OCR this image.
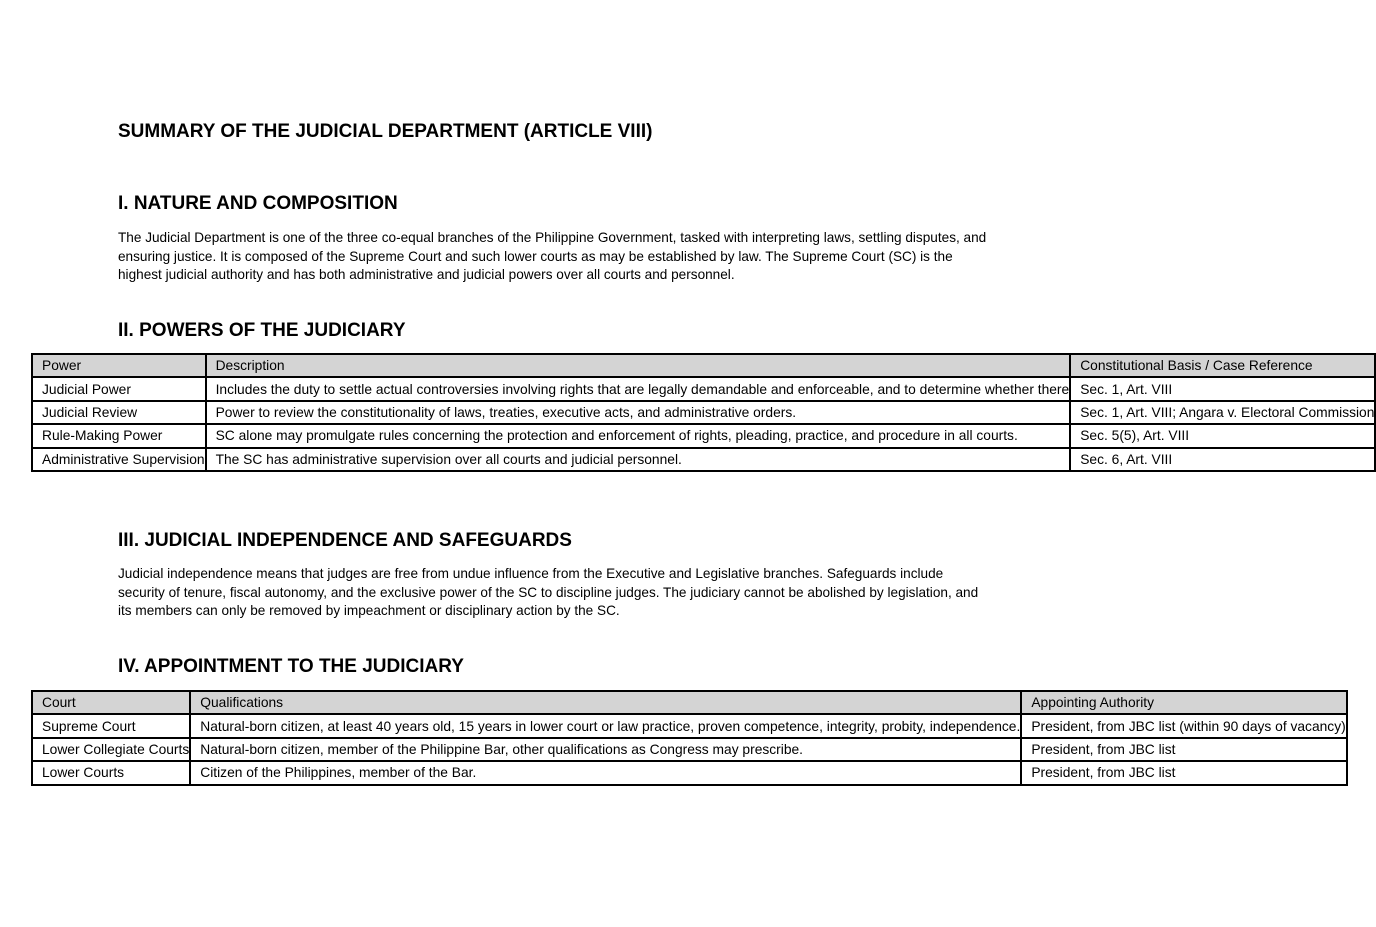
SUMMARY OF THE JUDICIAL DEPARTMENT (ARTICLE VIII)
I. NATURE AND COMPOSITION

The Judicial Department is one of the three co-equal branches of the Philippine Government, tasked with interpreting laws, settling disputes, and
ensuring justice. It is composed of the Supreme Court and such lower courts as may be established by law. The Supreme Court (SC) is the
highest judicial authority and has both administrative and judicial powers over all courts and personnel.

II. POWERS OF THE JUDICIARY
Power	Description	Constitutional Basis / Case Reference
Judicial Power	Includes the duty to settle actual controversies involving rights that are legally demandable and enforceable, and to determine whether there	Sec. 1, Art. VIII
Judicial Review	Power to review the constitutionality of laws, treaties, executive acts, and administrative orders.	Sec. 1, Art. VIII; Angara v. Electoral Commission
Rule-Making Power	SC alone may promulgate rules concerning the protection and enforcement of rights, pleading, practice, and procedure in all courts.	Sec. 5(5), Art. VIII
Administrative Supervision	The SC has administrative supervision over all courts and judicial personnel.	Sec. 6, Art. VIII
III. JUDICIAL INDEPENDENCE AND SAFEGUARDS

Judicial independence means that judges are free from undue influence from the Executive and Legislative branches. Safeguards include
security of tenure, fiscal autonomy, and the exclusive power of the SC to discipline judges. The judiciary cannot be abolished by legislation, and
its members can only be removed by impeachment or disciplinary action by the SC.

IV. APPOINTMENT TO THE JUDICIARY
Court	Qualifications	Appointing Authority
Supreme Court	Natural-born citizen, at least 40 years old, 15 years in lower court or law practice, proven competence, integrity, probity, independence.	President, from JBC list (within 90 days of vacancy)
Lower Collegiate Courts	Natural-born citizen, member of the Philippine Bar, other qualifications as Congress may prescribe.	President, from JBC list
Lower Courts	Citizen of the Philippines, member of the Bar.	President, from JBC list
